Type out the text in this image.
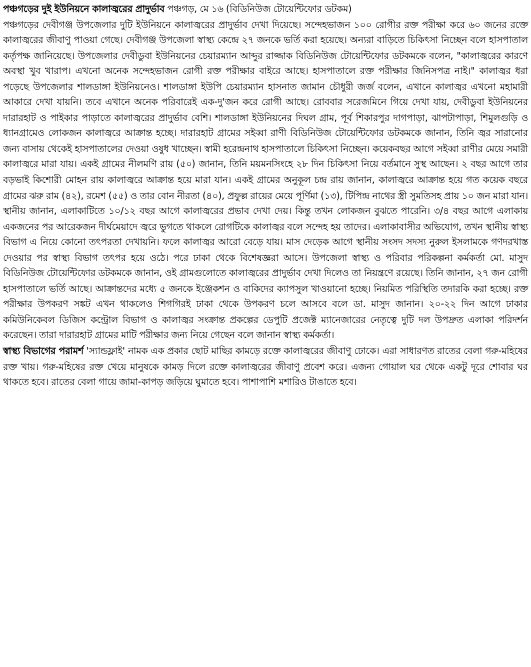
পঞ্চগড়ের দুই ইউনিয়নে কালাজ্বরের প্রাদুর্ভাব পঞ্চগড়, মে ১৬ (বিডিনিউজ টোয়েন্টিফোর ডটকম)
পঞ্চগড়ের দেবীগঞ্জ উপজেলার দুটি ইউনিয়নে কালাজ্বরের প্রাদুর্ভাব দেখা দিয়েছে। সন্দেহভাজন ১০০ রোগীর রক্ত পরীক্ষা করে ৬০ জনের রক্তে কালাজ্বরের জীবাণু পাওয়া গেছে। দেবীগঞ্জ উপজেলা স্বাস্থ্য কেন্দ্রে ২৭ জনকে ভর্তি করা হয়েছে। অন্যরা বাড়িতে চিকিৎসা নিচ্ছেন বলে হাসপাতাল কর্তৃপক্ষ জানিয়েছে। উপজেলার দেবীডুবা ইউনিয়নের চেয়ারম্যান আব্দুর রাজ্জাক বিডিনিউজ টোয়েন্টিফোর ডটকমকে বলেন, "কালাজ্বরের কারণে অবস্থা খুব খারাপ। এখনো অনেক সন্দেহভাজন রোগী রক্ত পরীক্ষার বাইরে আছে। হাসপাতালে রক্ত পরীক্ষার জিনিসপত্র নাই।" কালাজ্বর ধরা পড়েছে উপজেলার শালডাঙ্গা ইউনিয়নেও। শালডাঙ্গা ইউপি চেয়ারম্যান হাসনাত জামান চৌধুরী জর্জ বলেন, এখানে কালাজ্বর এখনো মহামারী আকারে দেখা যায়নি। তবে এখানে অনেক পরিবারেই এক-দু'জন করে রোগী আছে। রোববার সরেজমিনে গিয়ে দেখা যায়, দেবীডুবা ইউনিয়নের দারারহাট ও পাইকার পাড়াতে কালাজ্বরের প্রাদুর্ভাব বেশি। শালডাঙ্গা ইউনিয়নের দিঘল গ্রাম, পূর্ব শিকারপুর দাগপাড়া, ঝাপটাপাড়া, শিমুলগুড়ি ও ধ্যানগ্রামেও লোকজন কালাজ্বরে আক্রান্ত হচ্ছে। দারারহাট গ্রামের সইব্বা রাণী বিডিনিউজ টোয়েন্টিফোর ডটকমকে জানান, তিনি জ্বর সারানোর জন্য বাসায় থেকেই হাসপাতালের দেওয়া ওষুধ খাচ্ছেন। স্বামী হরেন্দ্রনাথ হাসপাতালে চিকিৎসা নিচ্ছেন। কয়েকবছর আগে সইব্বা রাণীর মেয়ে সমারী কালাজ্বরে মারা যায়। একই গ্রামের নীলমণি রায় (৫০) জানান, তিনি ময়মনসিংহে ২৮ দিন চিকিৎসা নিয়ে বর্তমানে সুস্থ আছেন। ২ বছর আগে তার বড়ভাই কিশোরী মোহন রায় কালাজ্বরে আক্রান্ত হয়ে মারা যান। একই গ্রামের অনুকূল চন্দ্র রায় জানান, কালাজ্বরে আক্রান্ত হয়ে গত কয়েক বছরে গ্রামের ঝরু রাম (৪২), রমেশ (৫৫) ও তার বোন নীরতা (৪০), প্রফুল্ল রায়ের মেয়ে পূর্ণিমা (১৩), টিপিন্দ্র নাথের স্ত্রী সুমতিসহ প্রায় ১০ জন মারা যান। স্থানীয় জানান, এলাকাটিতে ১০/১২ বছর আগে কালাজ্বরের প্রভাব দেখা দেয়। কিন্তু তখন লোকজন বুঝতে পারেনি। ৩/৪ বছর আগে এলাকায় একজনের পর আরেকজন দীর্ঘমেয়াদে জ্বরে ভুগতে থাকলে রোগটিকে কালাজ্বর বলে সন্দেহ হয় তাদের। এলাকাবাসীর অভিযোগ, তখন স্থানীয় স্বাস্থ্য বিভাগ এ নিয়ে কোনো তৎপরতা দেখায়নি। ফলে কালাজ্বর আরো বেড়ে যায়। মাস দেড়েক আগে স্থানীয় সংসদ সদস্য নুরুল ইসলামকে গণদরখাস্ত দেওয়ার পর স্বাস্থ্য বিভাগ তৎপর হয়ে ওঠে। পরে ঢাকা থেকে বিশেষজ্ঞরা আসে। উপজেলা স্বাস্থ্য ও পরিবার পরিকল্পনা কর্মকর্তা মো. মাসুদ বিডিনিউজ টোয়েন্টিফোর ডটকমকে জানান, ওই গ্রামগুলোতে কালাজ্বরের প্রাদুর্ভাব দেখা দিলেও তা নিয়ন্ত্রণে রয়েছে। তিনি জানান, ২৭ জন রোগী হাসপাতালে ভর্তি আছে। আক্রান্তদের মধ্যে ৫ জনকে ইঞ্জেকশন ও বাকিদের ক্যাপসুল খাওয়ানো হচ্ছে। নিয়মিত পরিস্থিতি তদারকি করা হচ্ছে। রক্ত পরীক্ষার উপকরণ সঙ্কট এখন থাকলেও শিগগিরই ঢাকা থেকে উপকরণ চলে আসবে বলে ডা. মাসুদ জানান। ২০-২২ দিন আগে ঢাকার কমিউনিকেবল ডিজিস কন্ট্রোল বিভাগ ও কালাজ্বর সংক্রান্ত প্রকল্পের ডেপুটি প্রজেক্ট ম্যানেজারের নেতৃত্বে দুটি দল উপদ্রুত এলাকা পরিদর্শন করেছেন। তারা দারারহাট গ্রামের মাটি পরীক্ষার জন্য নিয়ে গেছেন বলে জানান স্বাস্থ্য কর্মকর্তা।

স্বাস্থ্য বিভাগের পরামর্শ 'স্যান্ডফ্লাই' নামক এক প্রকার ছোট মাছির কামড়ে রক্তে কালাজ্বরের জীবাণু ঢোকে। এরা সাধারণত রাতের বেলা গরু-মহিষের রক্ত খায়। গরু-মহিষের রক্ত খেয়ে মানুষকে কামড় দিলে রক্তে কালাজ্বরের জীবাণু প্রবেশ করে। এজন্য গোয়াল ঘর থেকে একটু দূরে শোবার ঘর থাকতে হবে। রাতের বেলা গায়ে জামা-কাপড় জড়িয়ে ঘুমাতে হবে। পাশাপাশি মশারিও টাঙাতে হবে।
